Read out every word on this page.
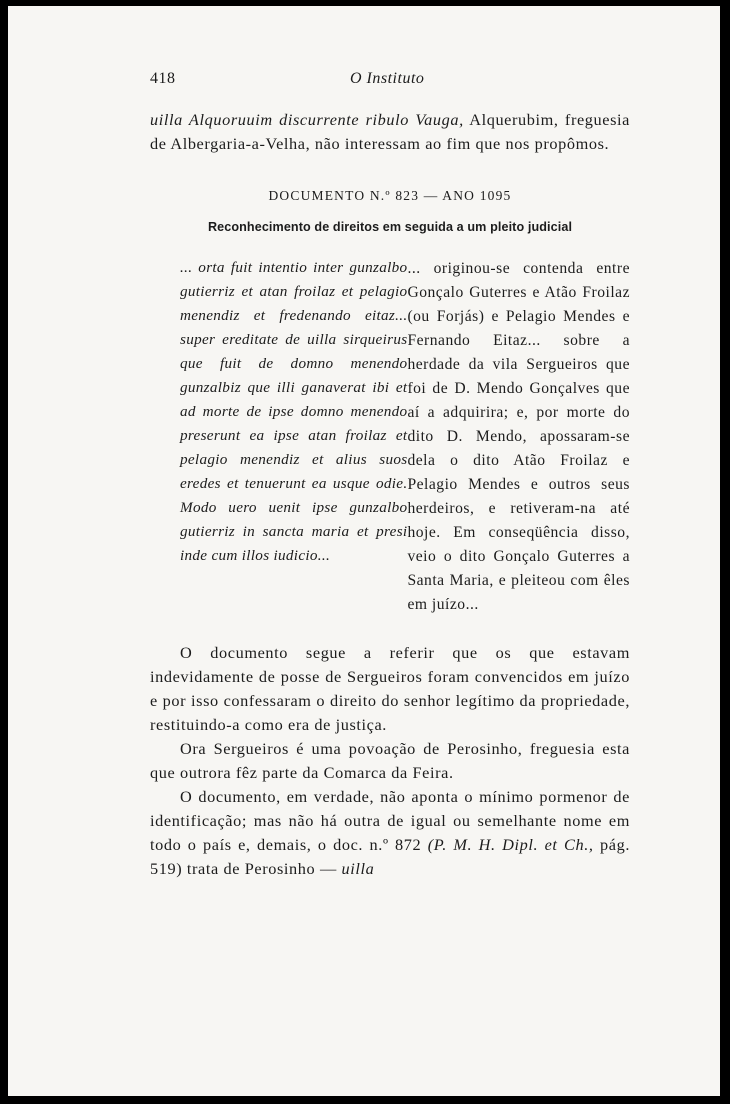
418	O Instituto

uilla Alquoruuim discurrente ribulo Vauga, Alquerubim, freguesia de Albergaria-a-Velha, não interessam ao fim que nos propômos.

DOCUMENTO N.º 823 — ANO 1095
Reconhecimento de direitos em seguida a um pleito judicial

... orta fuit intentio inter gunzalbo gutierriz et atan froilaz et pelagio menendiz et fredenando eitaz... super ereditate de uilla sirqueirus que fuit de domno menendo gunzalbiz que illi ganaverat ibi et ad morte de ipse domno menendo preserunt ea ipse atan froilaz et pelagio menendiz et alius suos eredes et tenuerunt ea usque odie. Modo uero uenit ipse gunzalbo gutierriz in sancta maria et presi inde cum illos iudicio...

... originou-se contenda entre Gonçalo Guterres e Atão Froilaz (ou Forjás) e Pelagio Mendes e Fernando Eitaz... sobre a herdade da vila Sergueiros que foi de D. Mendo Gonçalves que aí a adquirira; e, por morte do dito D. Mendo, apossaram-se dela o dito Atão Froilaz e Pelagio Mendes e outros seus herdeiros, e retiveram-na até hoje. Em conseqüência disso, veio o dito Gonçalo Guterres a Santa Maria, e pleiteou com êles em juízo...

O documento segue a referir que os que estavam indevidamente de posse de Sergueiros foram convencidos em juízo e por isso confessaram o direito do senhor legítimo da propriedade, restituindo-a como era de justiça.

Ora Sergueiros é uma povoação de Perosinho, freguesia esta que outrora fêz parte da Comarca da Feira.

O documento, em verdade, não aponta o mínimo pormenor de identificação; mas não há outra de igual ou semelhante nome em todo o país e, demais, o doc. n.º 872 (P. M. H. Dipl. et Ch., pág. 519) trata de Perosinho — uilla
